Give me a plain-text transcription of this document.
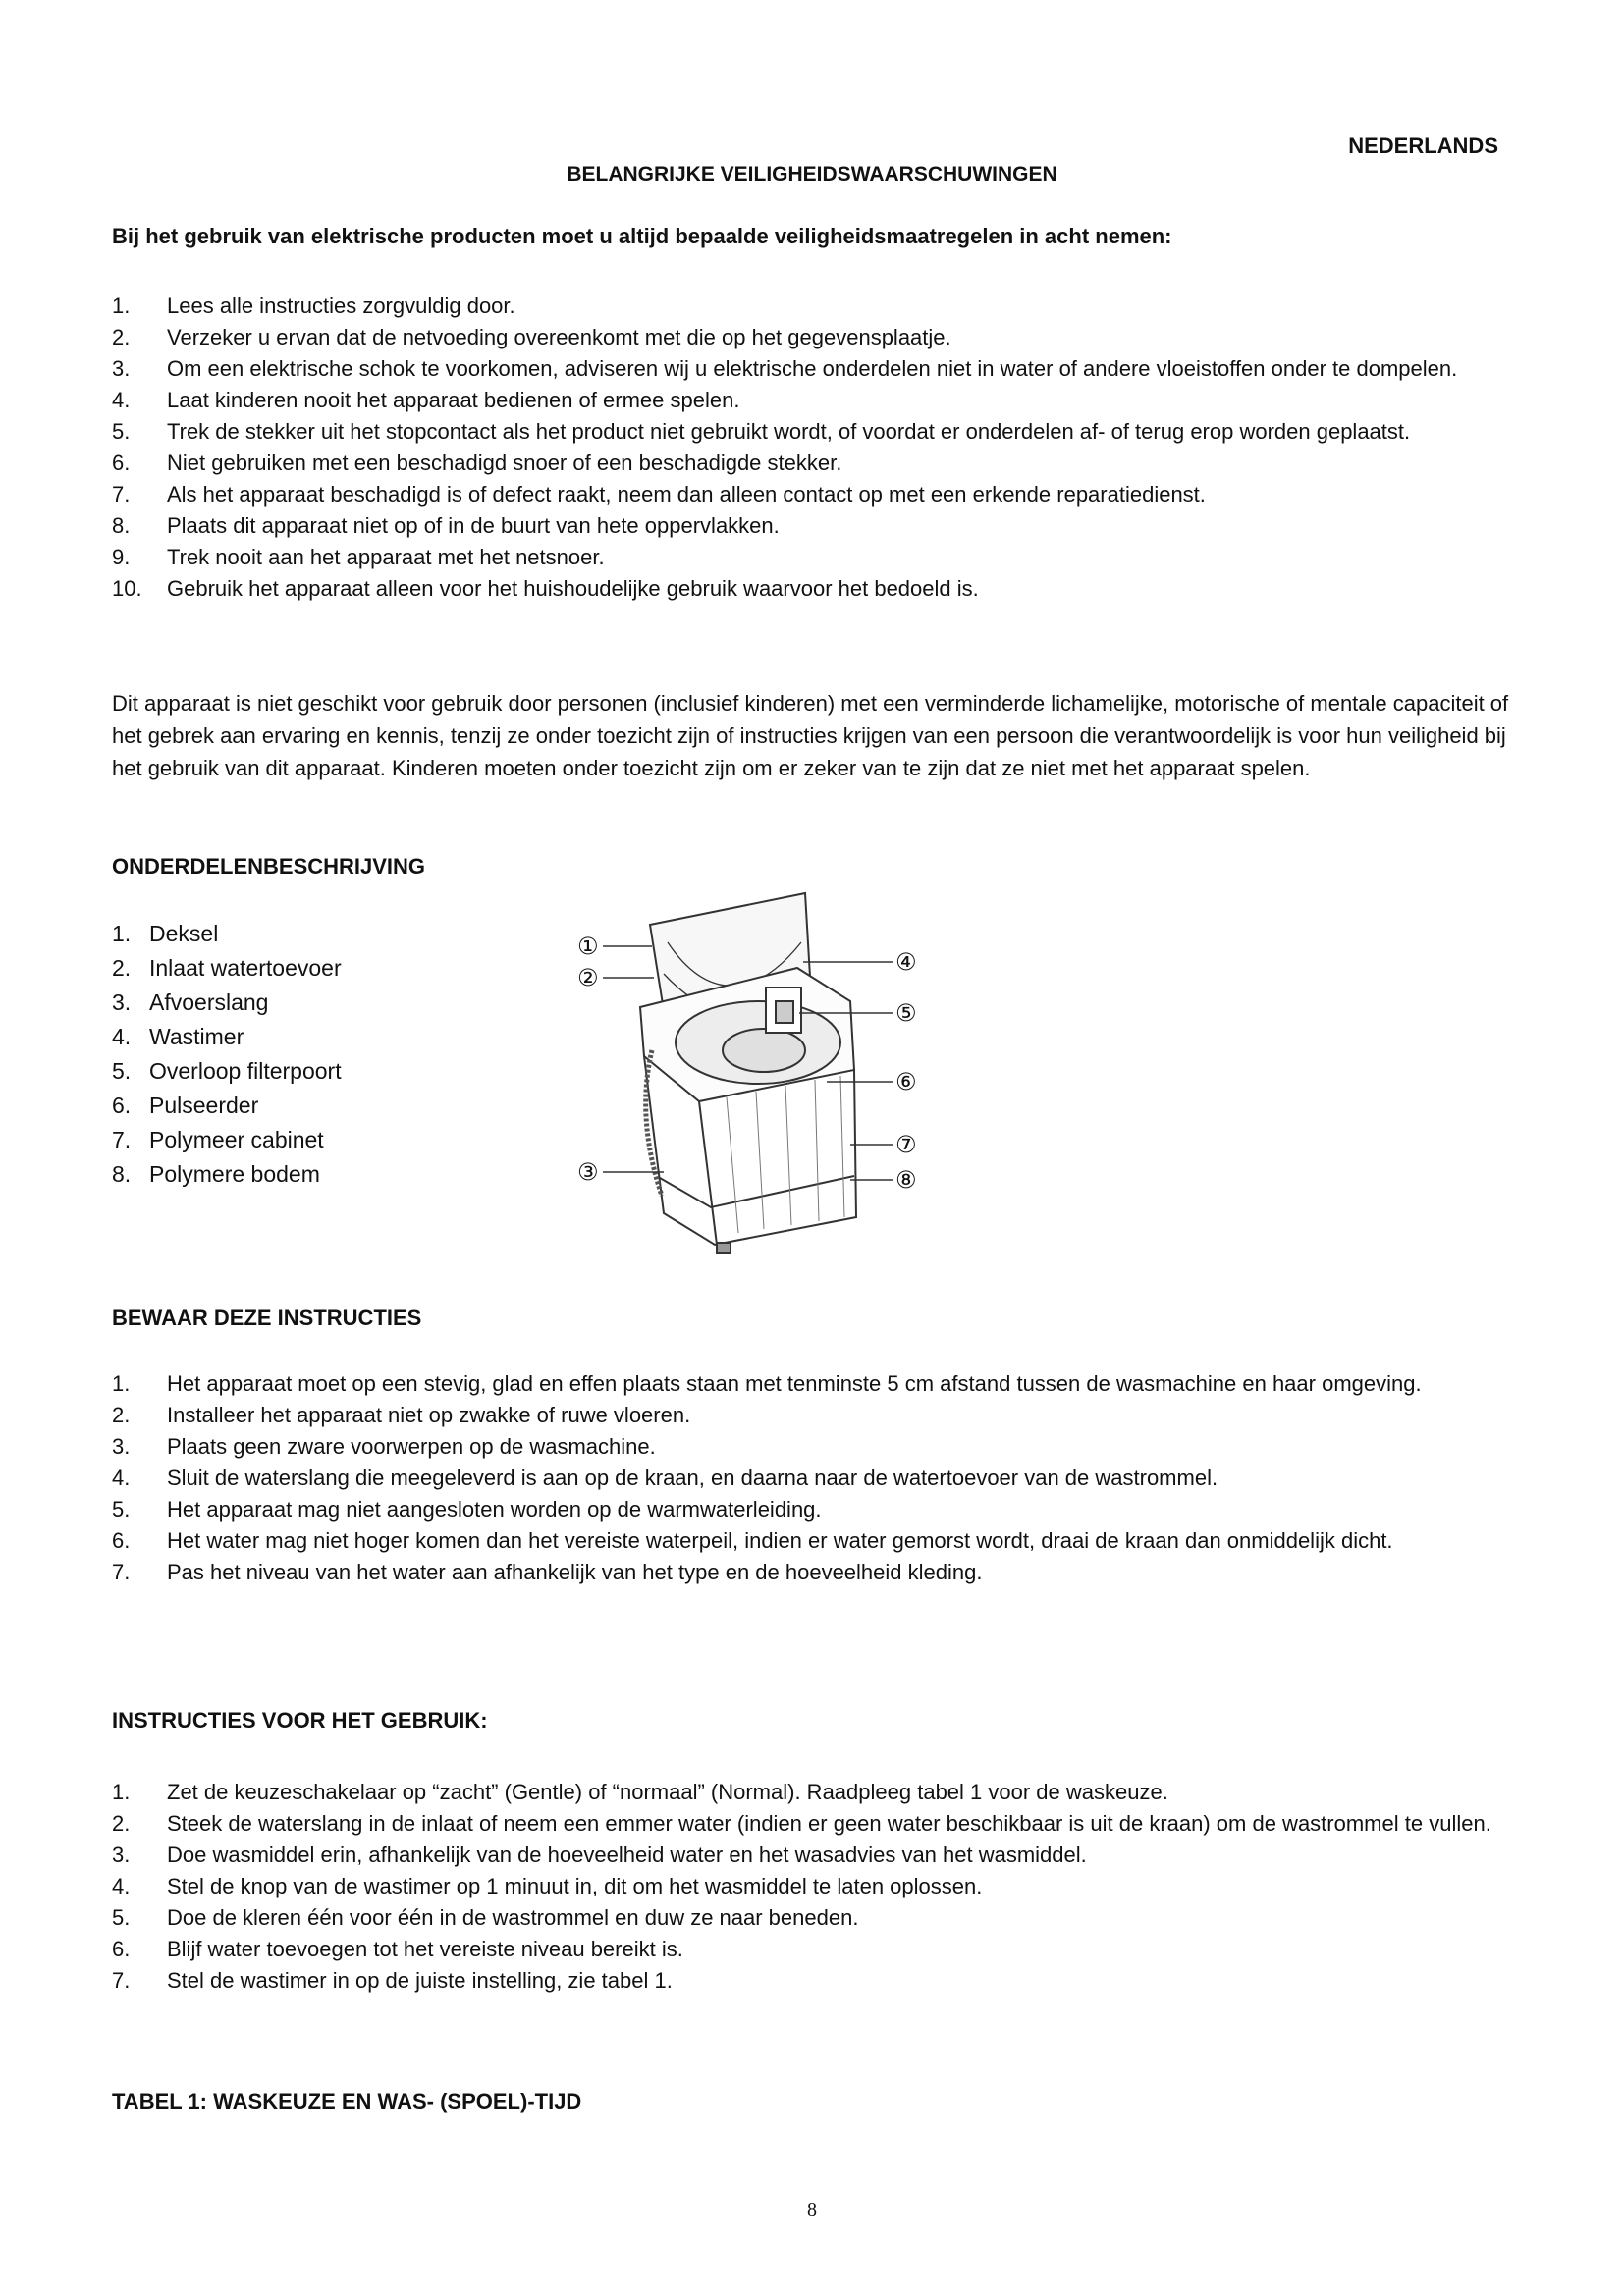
NEDERLANDS
BELANGRIJKE VEILIGHEIDSWAARSCHUWINGEN
Bij het gebruik van elektrische producten moet u altijd bepaalde veiligheidsmaatregelen in acht nemen:
1.	Lees alle instructies zorgvuldig door.
2.	Verzeker u ervan dat de netvoeding overeenkomt met die op het gegevensplaatje.
3.	Om een elektrische schok te voorkomen, adviseren wij u elektrische onderdelen niet in water of andere vloeistoffen onder te dompelen.
4.	Laat kinderen nooit het apparaat bedienen of ermee spelen.
5.	Trek de stekker uit het stopcontact als het product niet gebruikt wordt, of voordat er onderdelen af- of terug erop worden geplaatst.
6.	Niet gebruiken met een beschadigd snoer of een beschadigde stekker.
7.	Als het apparaat beschadigd is of defect raakt, neem dan alleen contact op met een erkende reparatiedienst.
8.	Plaats dit apparaat niet op of in de buurt van hete oppervlakken.
9.	Trek nooit aan het apparaat met het netsnoer.
10.	Gebruik het apparaat alleen voor het huishoudelijke gebruik waarvoor het bedoeld is.
Dit apparaat is niet geschikt voor gebruik door personen (inclusief kinderen) met een verminderde lichamelijke, motorische of mentale capaciteit of het gebrek aan ervaring en kennis, tenzij ze onder toezicht zijn of instructies krijgen van een persoon die verantwoordelijk is voor hun veiligheid bij het gebruik van dit apparaat. Kinderen moeten onder toezicht zijn om er zeker van te zijn dat ze niet met het apparaat spelen.
ONDERDELENBESCHRIJVING
1. Deksel
2. Inlaat watertoevoer
3. Afvoerslang
4. Wastimer
5. Overloop filterpoort
6. Pulseerder
7. Polymeer cabinet
8. Polymere bodem
①
②
③
④
⑤
⑥
⑦
⑧
BEWAAR DEZE INSTRUCTIES
1.	Het apparaat moet op een stevig, glad en effen plaats staan met tenminste 5 cm afstand tussen de wasmachine en haar omgeving.
2.	Installeer het apparaat niet op zwakke of ruwe vloeren.
3.	Plaats geen zware voorwerpen op de wasmachine.
4.	Sluit de waterslang die meegeleverd is aan op de kraan, en daarna naar de watertoevoer van de wastrommel.
5.	Het apparaat mag niet aangesloten worden op de warmwaterleiding.
6.	Het water mag niet hoger komen dan het vereiste waterpeil, indien er water gemorst wordt, draai de kraan dan onmiddelijk dicht.
7.	Pas het niveau van het water aan afhankelijk van het type en de hoeveelheid kleding.
INSTRUCTIES VOOR HET GEBRUIK:
1.	Zet de keuzeschakelaar op “zacht” (Gentle) of “normaal” (Normal). Raadpleeg tabel 1 voor de waskeuze.
2.	Steek de waterslang in de inlaat of neem een emmer water (indien er geen water beschikbaar is uit de kraan) om de wastrommel te vullen.
3.	Doe wasmiddel erin, afhankelijk van de hoeveelheid water en het wasadvies van het wasmiddel.
4.	Stel de knop van de wastimer op 1 minuut in, dit om het wasmiddel te laten oplossen.
5.	Doe de kleren één voor één in de wastrommel en duw ze naar beneden.
6.	Blijf water toevoegen tot het vereiste niveau bereikt is.
7.	Stel de wastimer in op de juiste instelling, zie tabel 1.
TABEL 1: WASKEUZE EN WAS- (SPOEL)-TIJD
8
